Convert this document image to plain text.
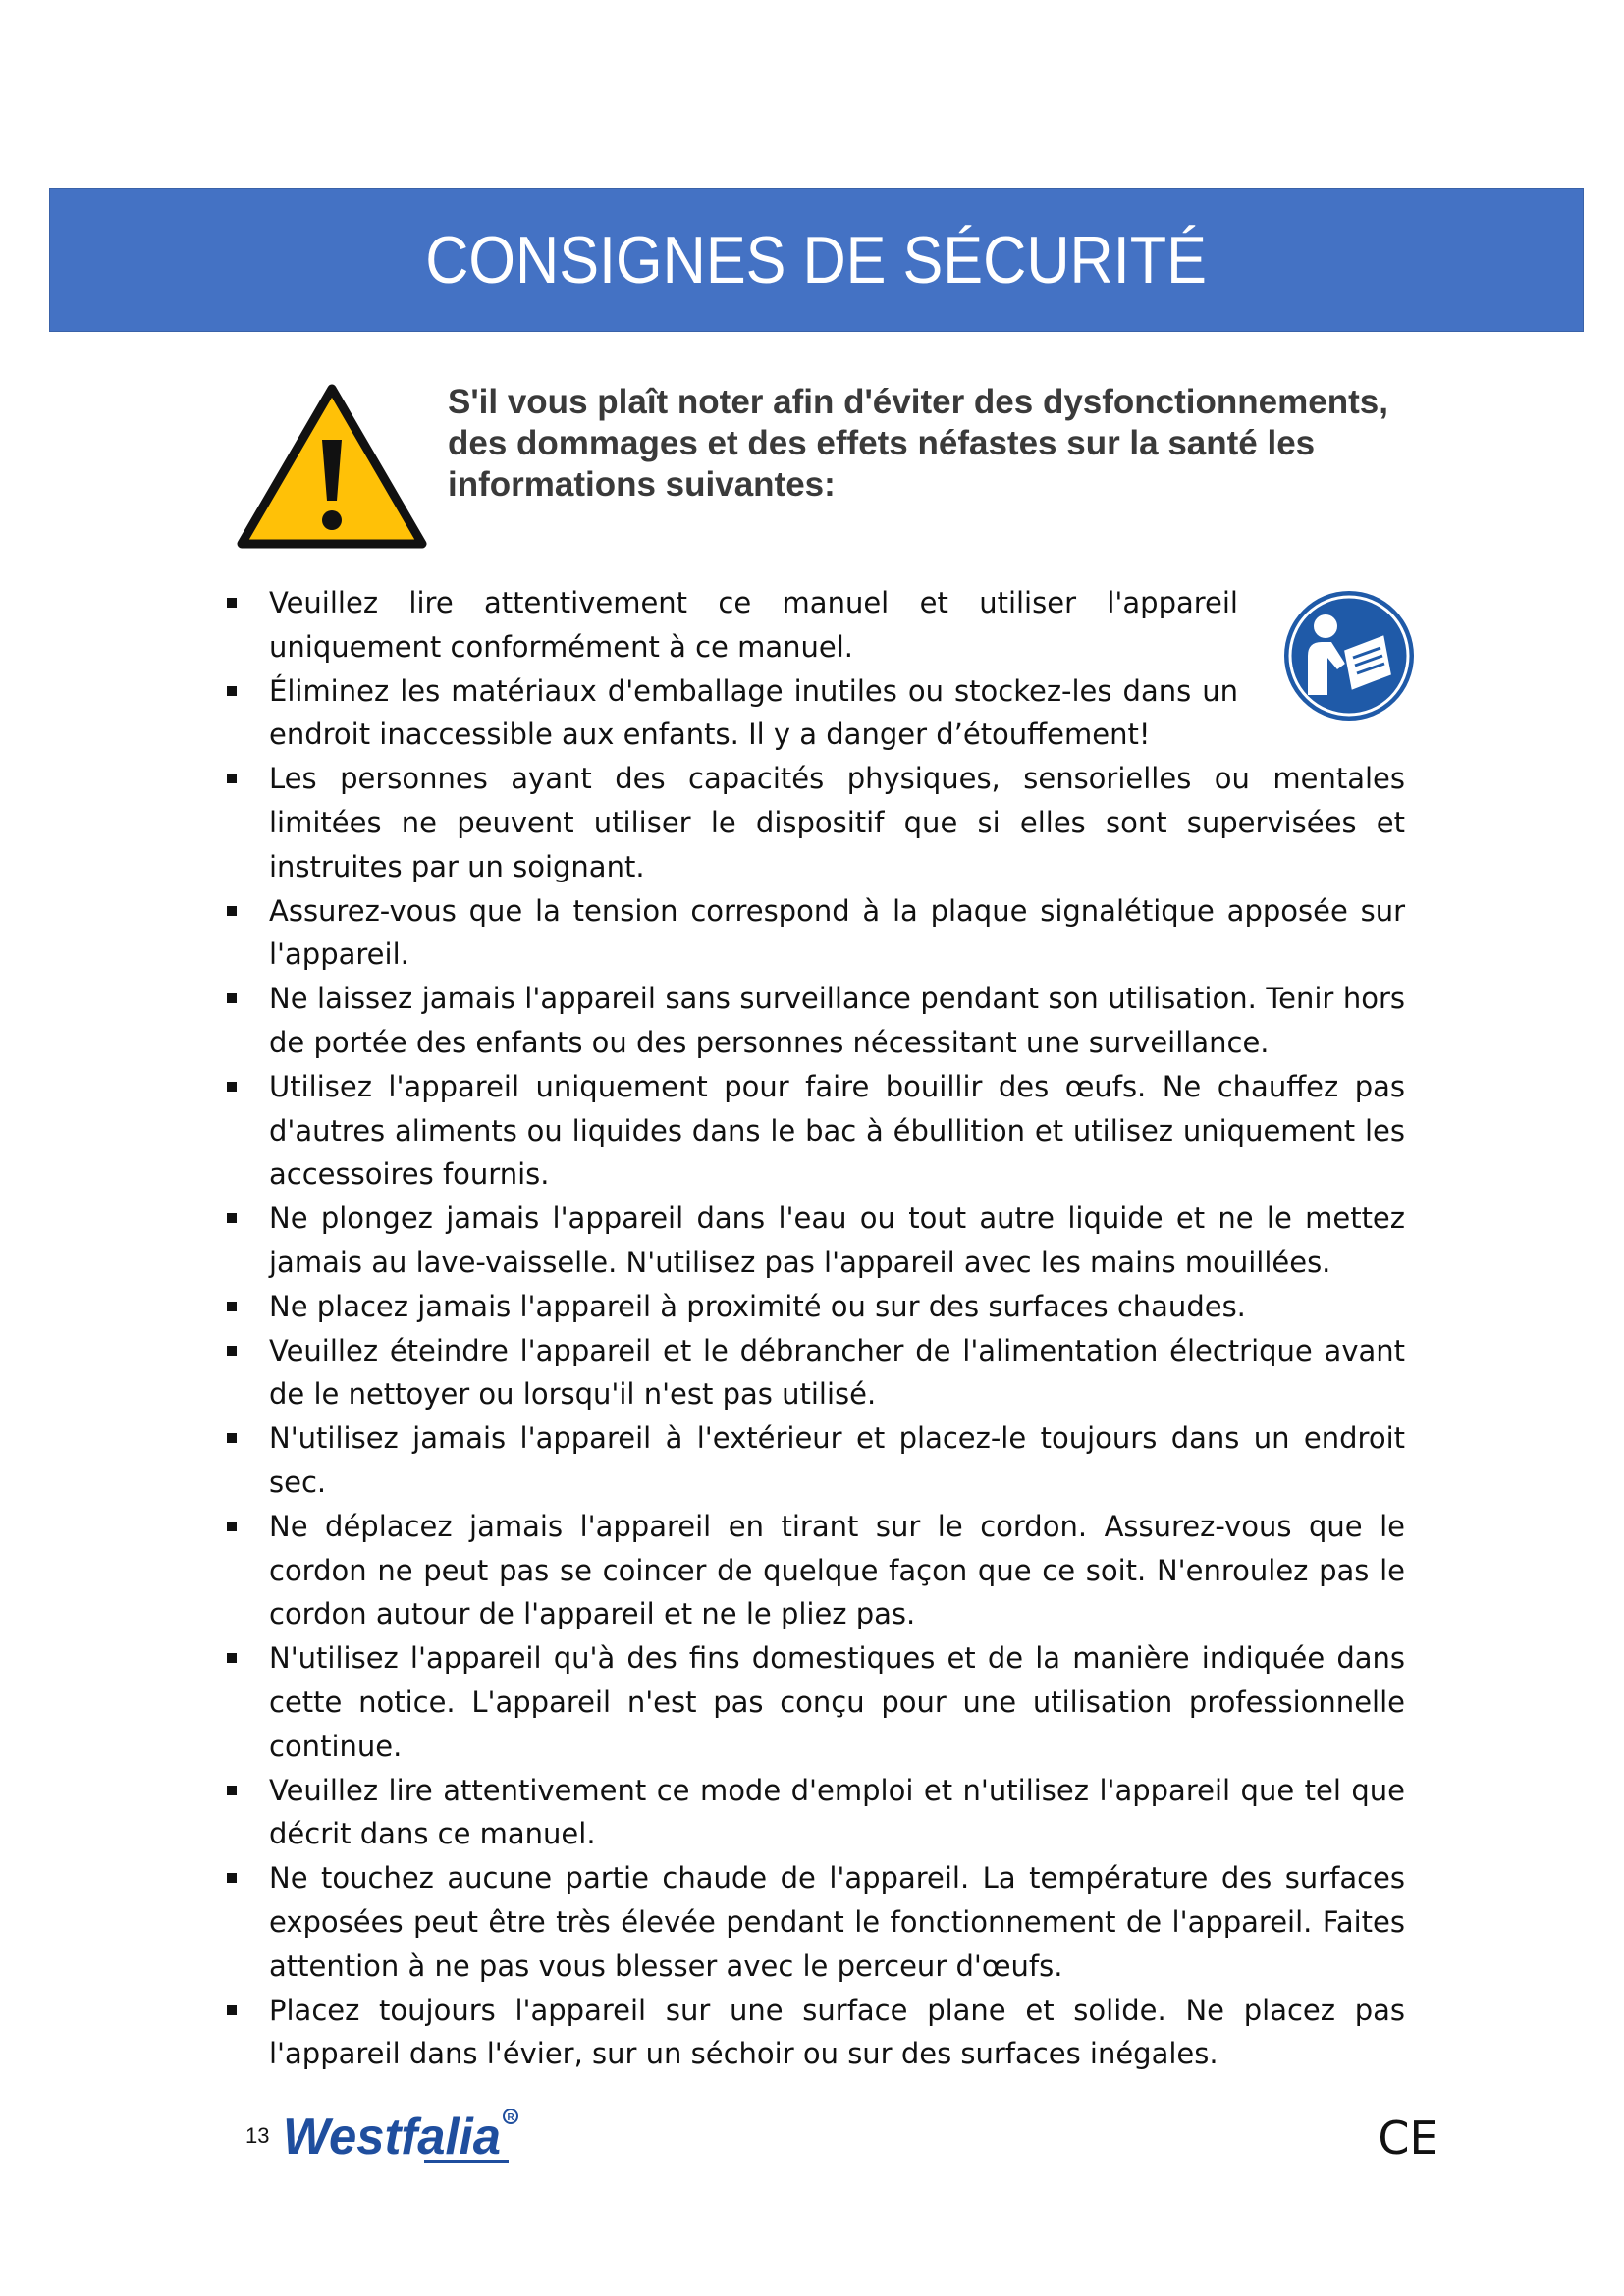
CONSIGNES DE SÉCURITÉ
S'il vous plaît noter afin d'éviter des dysfonctionnements, des dommages et des effets néfastes sur la santé les informations suivantes:
Veuillez lire attentivement ce manuel et utiliser l'appareil uniquement conformément à ce manuel.
Éliminez les matériaux d'emballage inutiles ou stockez-les dans un endroit inaccessible aux enfants. Il y a danger d’étouffement!
Les personnes ayant des capacités physiques, sensorielles ou mentales limitées ne peuvent utiliser le dispositif que si elles sont supervisées et instruites par un soignant.
Assurez-vous que la tension correspond à la plaque signalétique apposée sur l'appareil.
Ne laissez jamais l'appareil sans surveillance pendant son utilisation. Tenir hors de portée des enfants ou des personnes nécessitant une surveillance.
Utilisez l'appareil uniquement pour faire bouillir des œufs. Ne chauffez pas d'autres aliments ou liquides dans le bac à ébullition et utilisez uniquement les accessoires fournis.
Ne plongez jamais l'appareil dans l'eau ou tout autre liquide et ne le mettez jamais au lave-vaisselle. N'utilisez pas l'appareil avec les mains mouillées.
Ne placez jamais l'appareil à proximité ou sur des surfaces chaudes.
Veuillez éteindre l'appareil et le débrancher de l'alimentation électrique avant de le nettoyer ou lorsqu'il n'est pas utilisé.
N'utilisez jamais l'appareil à l'extérieur et placez-le toujours dans un endroit sec.
Ne déplacez jamais l'appareil en tirant sur le cordon. Assurez-vous que le cordon ne peut pas se coincer de quelque façon que ce soit. N'enroulez pas le cordon autour de l'appareil et ne le pliez pas.
N'utilisez l'appareil qu'à des fins domestiques et de la manière indiquée dans cette notice. L'appareil n'est pas conçu pour une utilisation professionnelle continue.
Veuillez lire attentivement ce mode d'emploi et n'utilisez l'appareil que tel que décrit dans ce manuel.
Ne touchez aucune partie chaude de l'appareil. La température des surfaces exposées peut être très élevée pendant le fonctionnement de l'appareil. Faites attention à ne pas vous blesser avec le perceur d'œufs.
Placez toujours l'appareil sur une surface plane et solide. Ne placez pas l'appareil dans l'évier, sur un séchoir ou sur des surfaces inégales.
13 Westfalia R	CE
